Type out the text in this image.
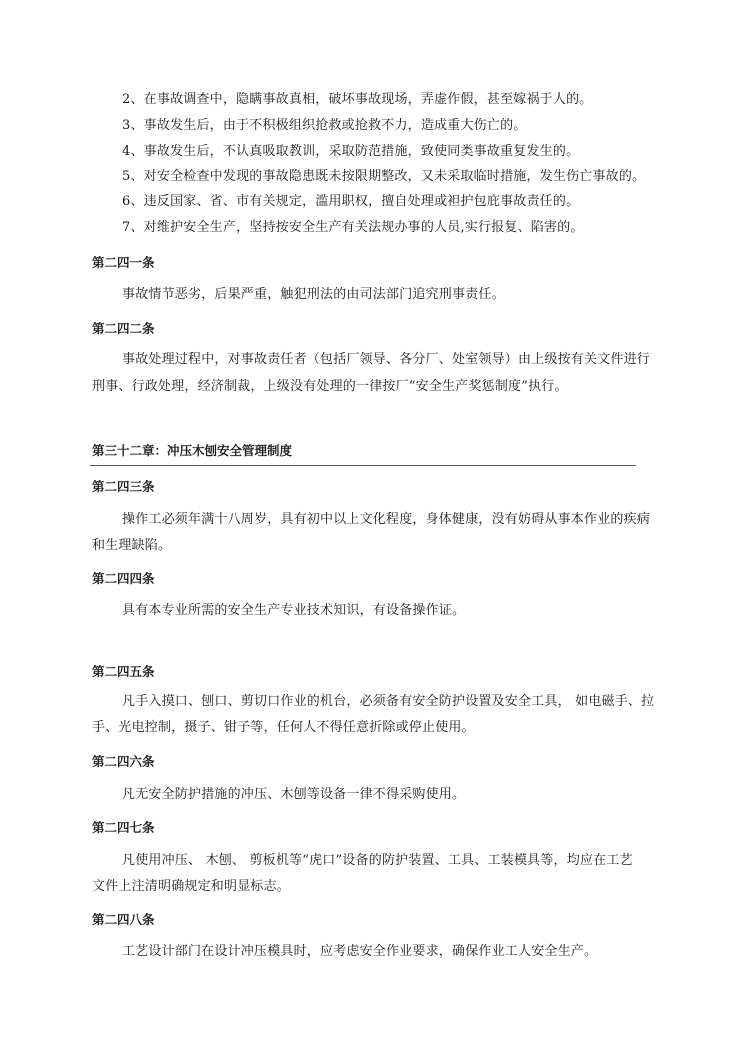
2、在事故调查中，隐瞒事故真相，破坏事故现场，弄虚作假，甚至嫁祸于人的。
3、事故发生后，由于不积极组织抢救或抢救不力，造成重大伤亡的。
4、事故发生后，不认真吸取教训，采取防范措施，致使同类事故重复发生的。
5、对安全检查中发现的事故隐患既未按限期整改，又未采取临时措施，发生伤亡事故的。
6、违反国家、省、市有关规定，滥用职权，擅自处理或袒护包庇事故责任的。
7、对维护安全生产，坚持按安全生产有关法规办事的人员,实行报复、陷害的。
第二四一条
事故情节恶劣，后果严重，触犯刑法的由司法部门追究刑事责任。
第二四二条
事故处理过程中，对事故责任者（包括厂领导、各分厂、处室领导）由上级按有关文件进行
刑事、行政处理，经济制裁，上级没有处理的一律按厂“安全生产奖惩制度”执行。
第三十二章：冲压木刨安全管理制度
第二四三条
操作工必须年满十八周岁，具有初中以上文化程度，身体健康，没有妨碍从事本作业的疾病
和生理缺陷。
第二四四条
具有本专业所需的安全生产专业技术知识，有设备操作证。
第二四五条
凡手入摸口、刨口、剪切口作业的机台，必须备有安全防护设置及安全工具， 如电磁手、拉
手、光电控制，摄子、钳子等，任何人不得任意折除或停止使用。
第二四六条
凡无安全防护措施的冲压、木刨等设备一律不得采购使用。
第二四七条
凡使用冲压、 木刨、 剪板机等“虎口”设备的防护装置、工具、工装模具等，均应在工艺
文件上注清明确规定和明显标志。
第二四八条
工艺设计部门在设计冲压模具时，应考虑安全作业要求，确保作业工人安全生产。
